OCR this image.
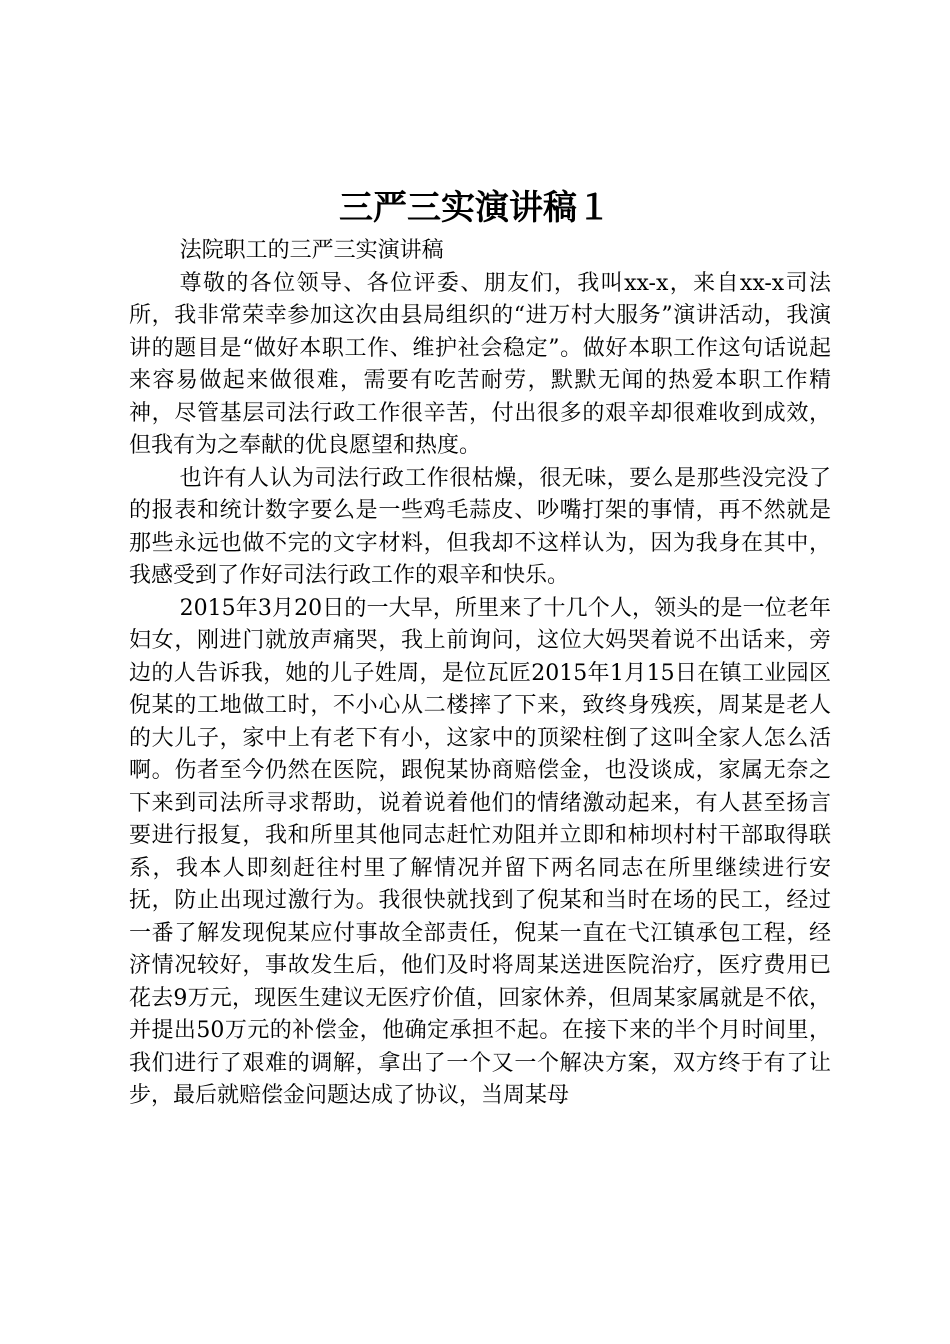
三严三实演讲稿１

法院职工的三严三实演讲稿

尊敬的各位领导、各位评委、朋友们，我叫xx-x，来自xx-x司法所，我非常荣幸参加这次由县局组织的“进万村大服务”演讲活动，我演讲的题目是“做好本职工作、维护社会稳定”。做好本职工作这句话说起来容易做起来做很难，需要有吃苦耐劳，默默无闻的热爱本职工作精神，尽管基层司法行政工作很辛苦，付出很多的艰辛却很难收到成效，但我有为之奉献的优良愿望和热度。

也许有人认为司法行政工作很枯燥，很无味，要么是那些没完没了的报表和统计数字要么是一些鸡毛蒜皮、吵嘴打架的事情，再不然就是那些永远也做不完的文字材料，但我却不这样认为，因为我身在其中，我感受到了作好司法行政工作的艰辛和快乐。

2015年3月20日的一大早，所里来了十几个人，领头的是一位老年妇女，刚进门就放声痛哭，我上前询问，这位大妈哭着说不出话来，旁边的人告诉我，她的儿子姓周，是位瓦匠2015年1月15日在镇工业园区倪某的工地做工时，不小心从二楼摔了下来，致终身残疾，周某是老人的大儿子，家中上有老下有小，这家中的顶梁柱倒了这叫全家人怎么活啊。伤者至今仍然在医院，跟倪某协商赔偿金，也没谈成，家属无奈之下来到司法所寻求帮助，说着说着他们的情绪激动起来，有人甚至扬言要进行报复，我和所里其他同志赶忙劝阻并立即和柿坝村村干部取得联系，我本人即刻赶往村里了解情况并留下两名同志在所里继续进行安抚，防止出现过激行为。我很快就找到了倪某和当时在场的民工，经过一番了解发现倪某应付事故全部责任，倪某一直在弋江镇承包工程，经济情况较好，事故发生后，他们及时将周某送进医院治疗，医疗费用已花去9万元，现医生建议无医疗价值，回家休养，但周某家属就是不依，并提出50万元的补偿金，他确定承担不起。在接下来的半个月时间里，我们进行了艰难的调解，拿出了一个又一个解决方案，双方终于有了让步，最后就赔偿金问题达成了协议，当周某母
